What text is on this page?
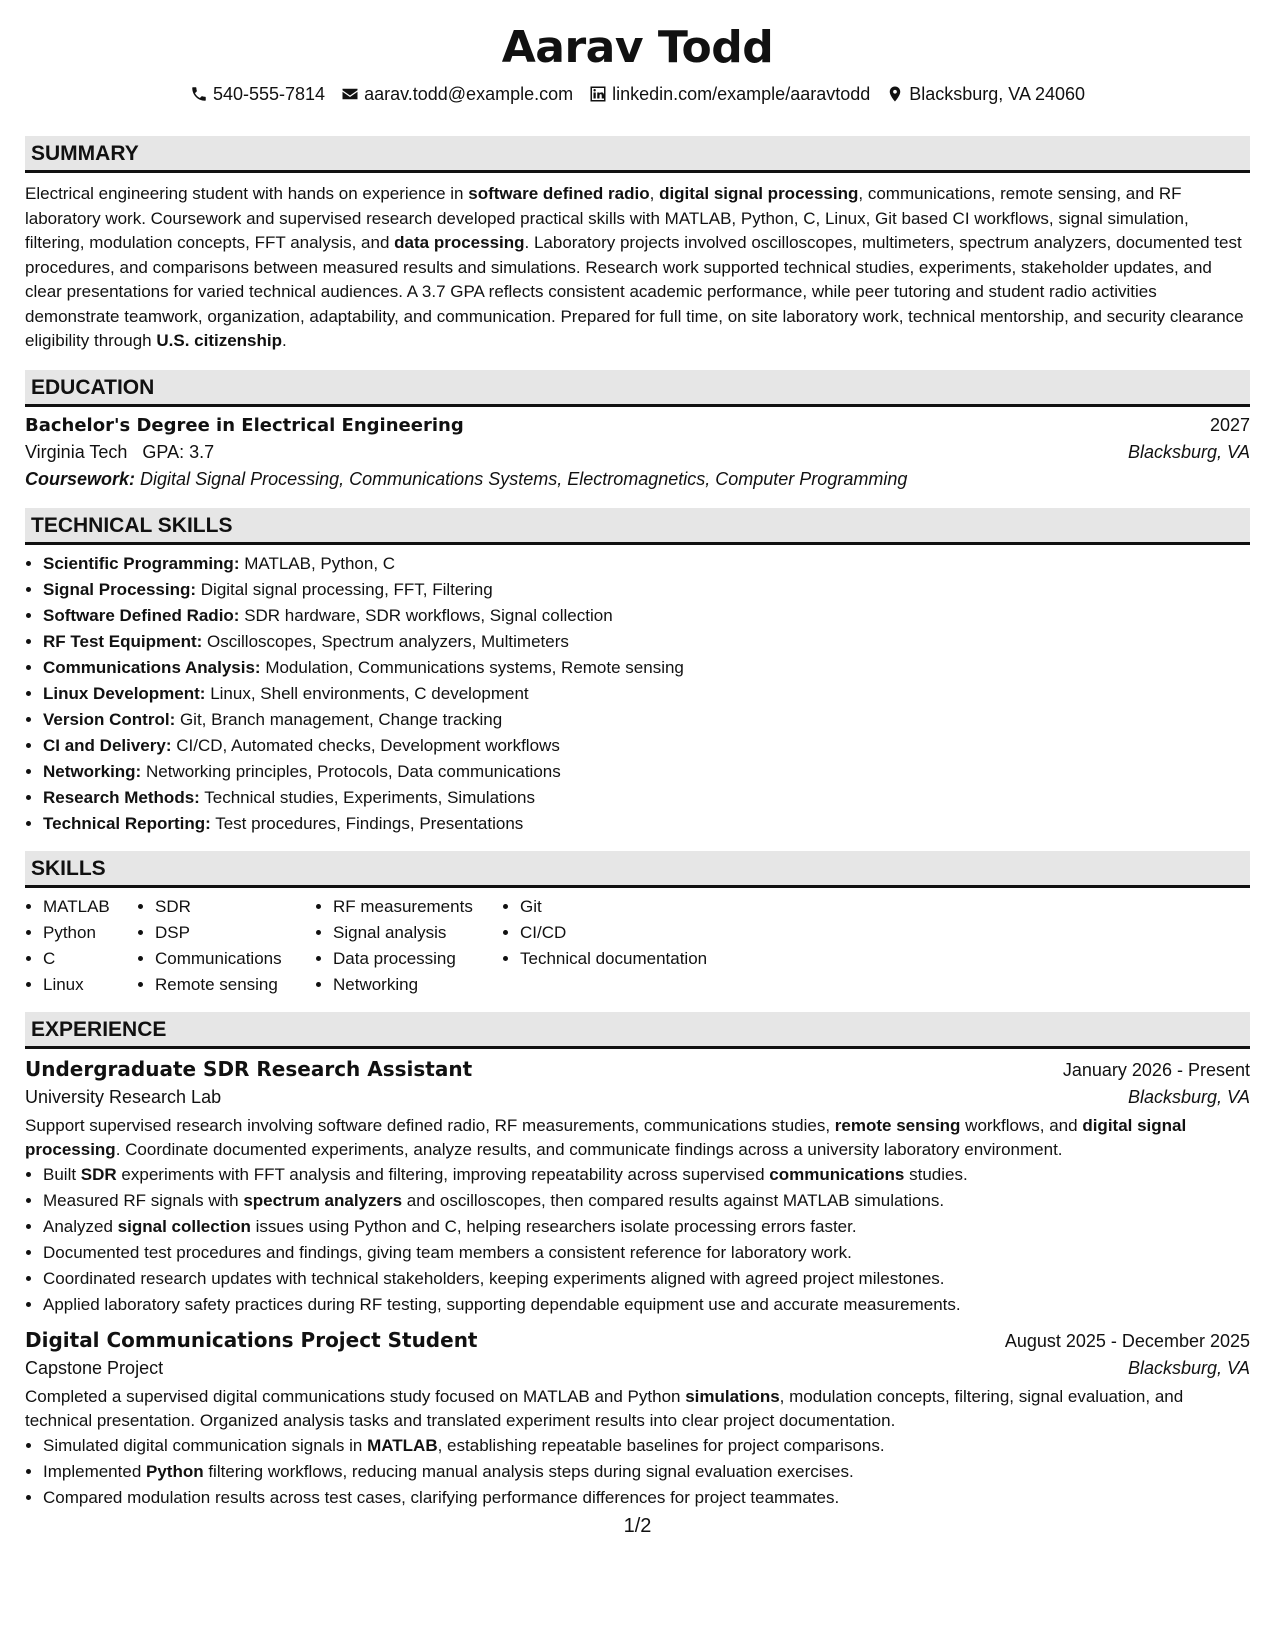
Aarav Todd
540-555-7814 aarav.todd@example.com linkedin.com/example/aaravtodd Blacksburg, VA 24060
SUMMARY
Electrical engineering student with hands on experience in software defined radio, digital signal processing, communications, remote sensing, and RF laboratory work. Coursework and supervised research developed practical skills with MATLAB, Python, C, Linux, Git based CI workflows, signal simulation, filtering, modulation concepts, FFT analysis, and data processing. Laboratory projects involved oscilloscopes, multimeters, spectrum analyzers, documented test procedures, and comparisons between measured results and simulations. Research work supported technical studies, experiments, stakeholder updates, and clear presentations for varied technical audiences. A 3.7 GPA reflects consistent academic performance, while peer tutoring and student radio activities demonstrate teamwork, organization, adaptability, and communication. Prepared for full time, on site laboratory work, technical mentorship, and security clearance eligibility through U.S. citizenship.
EDUCATION
Bachelor's Degree in Electrical Engineering	2027
Virginia Tech GPA: 3.7	Blacksburg, VA
Coursework: Digital Signal Processing, Communications Systems, Electromagnetics, Computer Programming
TECHNICAL SKILLS
• Scientific Programming: MATLAB, Python, C
• Signal Processing: Digital signal processing, FFT, Filtering
• Software Defined Radio: SDR hardware, SDR workflows, Signal collection
• RF Test Equipment: Oscilloscopes, Spectrum analyzers, Multimeters
• Communications Analysis: Modulation, Communications systems, Remote sensing
• Linux Development: Linux, Shell environments, C development
• Version Control: Git, Branch management, Change tracking
• CI and Delivery: CI/CD, Automated checks, Development workflows
• Networking: Networking principles, Protocols, Data communications
• Research Methods: Technical studies, Experiments, Simulations
• Technical Reporting: Test procedures, Findings, Presentations
SKILLS
• MATLAB
• Python
• C
• Linux
• SDR
• DSP
• Communications
• Remote sensing
• RF measurements
• Signal analysis
• Data processing
• Networking
• Git
• CI/CD
• Technical documentation
EXPERIENCE
Undergraduate SDR Research Assistant	January 2026 - Present
University Research Lab	Blacksburg, VA
Support supervised research involving software defined radio, RF measurements, communications studies, remote sensing workflows, and digital signal processing. Coordinate documented experiments, analyze results, and communicate findings across a university laboratory environment.
• Built SDR experiments with FFT analysis and filtering, improving repeatability across supervised communications studies.
• Measured RF signals with spectrum analyzers and oscilloscopes, then compared results against MATLAB simulations.
• Analyzed signal collection issues using Python and C, helping researchers isolate processing errors faster.
• Documented test procedures and findings, giving team members a consistent reference for laboratory work.
• Coordinated research updates with technical stakeholders, keeping experiments aligned with agreed project milestones.
• Applied laboratory safety practices during RF testing, supporting dependable equipment use and accurate measurements.
Digital Communications Project Student	August 2025 - December 2025
Capstone Project	Blacksburg, VA
Completed a supervised digital communications study focused on MATLAB and Python simulations, modulation concepts, filtering, signal evaluation, and technical presentation. Organized analysis tasks and translated experiment results into clear project documentation.
• Simulated digital communication signals in MATLAB, establishing repeatable baselines for project comparisons.
• Implemented Python filtering workflows, reducing manual analysis steps during signal evaluation exercises.
• Compared modulation results across test cases, clarifying performance differences for project teammates.
1/2
